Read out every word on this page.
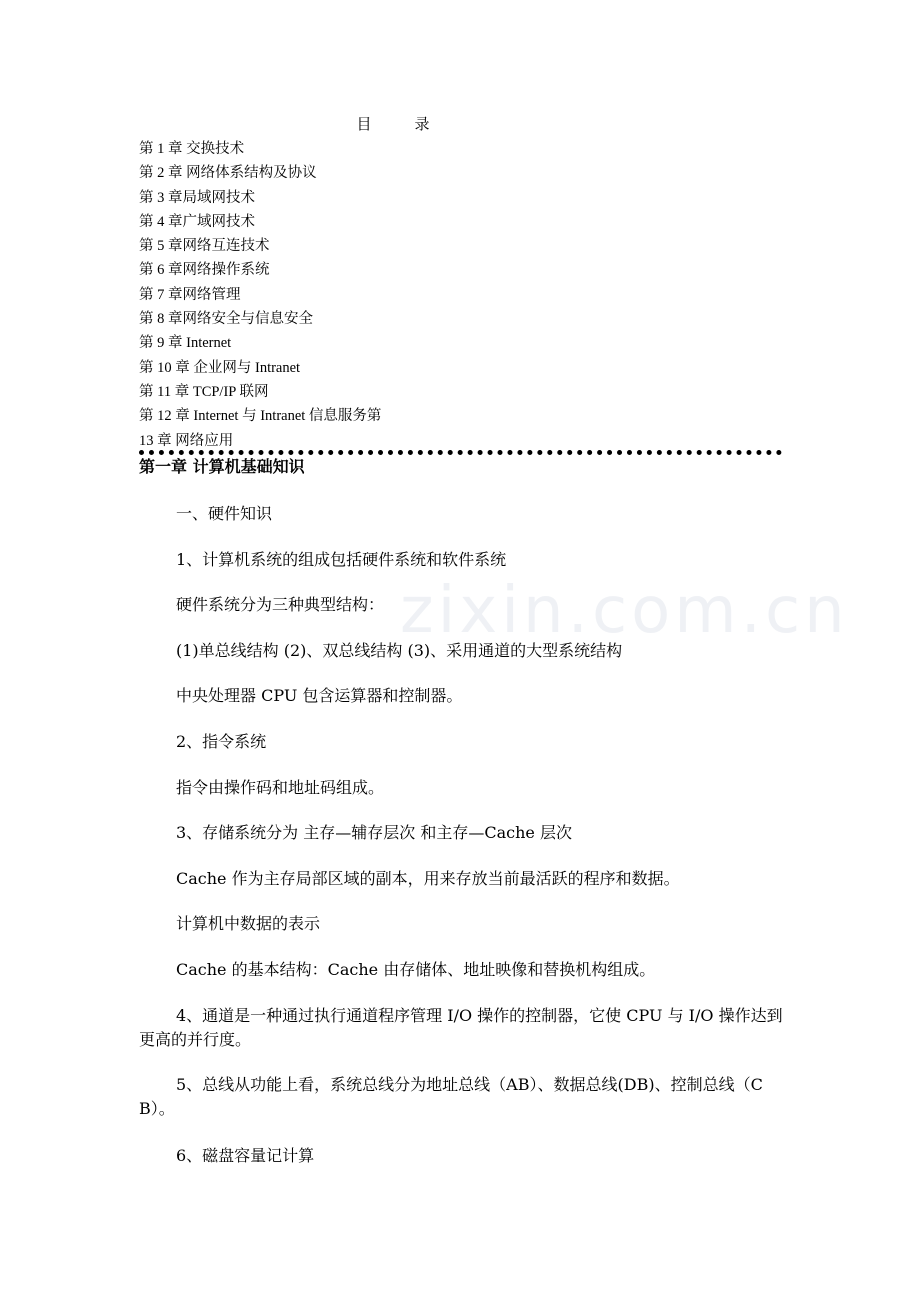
zixin.com.cn
目　录
第 1 章 交换技术
第 2 章 网络体系结构及协议
第 3 章局域网技术
第 4 章广域网技术
第 5 章网络互连技术
第 6 章网络操作系统
第 7 章网络管理
第 8 章网络安全与信息安全
第 9 章 Internet
第 10 章 企业网与 Intranet
第 11 章 TCP/IP 联网
第 12 章 Internet 与 Intranet 信息服务第
13 章 网络应用
第一章 计算机基础知识

一、硬件知识

1、计算机系统的组成包括硬件系统和软件系统

硬件系统分为三种典型结构：

(1)单总线结构 (2)、双总线结构 (3)、采用通道的大型系统结构

中央处理器 CPU 包含运算器和控制器。

2、指令系统

指令由操作码和地址码组成。

3、存储系统分为 主存—辅存层次 和主存—Cache 层次

Cache 作为主存局部区域的副本，用来存放当前最活跃的程序和数据。

计算机中数据的表示

Cache 的基本结构：Cache 由存储体、地址映像和替换机构组成。

4、通道是一种通过执行通道程序管理 I/O 操作的控制器，它使 CPU 与 I/O 操作达到更高的并行度。

5、总线从功能上看，系统总线分为地址总线（AB）、数据总线(DB)、控制总线（CB）。

6、磁盘容量记计算
